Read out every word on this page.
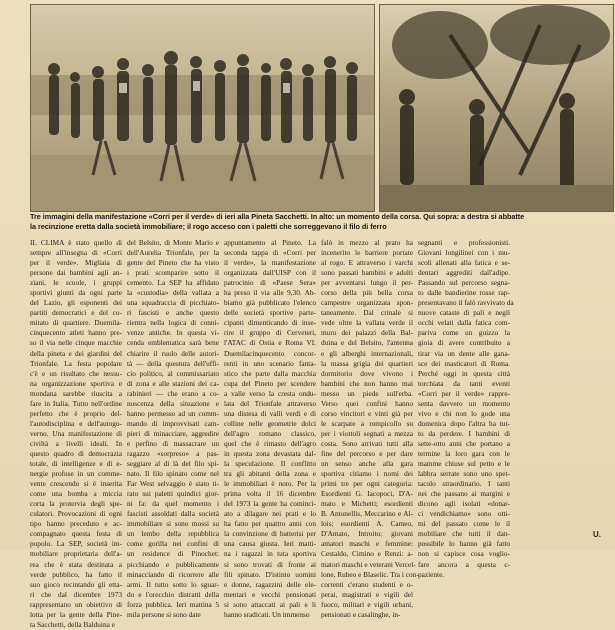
Tre immagini della manifestazione «Corri per il verde» di ieri alla Pineta Sacchetti. In alto: un momento della corsa. Qui sopra: a destra si abbatte
la recinzione eretta dalla società immobiliare; il rogo acceso con i paletti che sorreggevano il filo di ferro
IL CLIMA è stato quello di
sempre all'insegna di «Corri
per il verde». Migliaia di
persone dai bambini agli an-
ziani, le scuole, i gruppi
sportivi giunti da ogni parte
del Lazio, gli esponenti dei
partiti democratici e del co-
mitato di quartiere. Duemila-
cinquecento atleti hanno pre-
so il via nelle cinque macchie
della pineta e dei giardini del
Trionfale. La festa popolare
c'è e un risultato che nessu-
na organizzazione sportiva e
mondana sarebbe riuscita a
fare in Italia. Tutto nell'ordine
perfetto che è proprio del-
l'autodisciplina e dell'autogo-
verno. Una manifestazione di
civiltà a livelli ideali. In
questo quadro di democrazia
totale, di intelligenze e di e-
nergie profuse in un comme-
vente crescendo si è inserita
come una bomba a miccia
corta la protervia degli spe-
culatori. Provocazioni di ogni
tipo hanno preceduto e ac-
compagnato questa festa di
popolo. La SEP, società im-
mobiliare proprietaria dell'a-
rea che è stata destinata a
verde pubblico, ha fatto il
suo gioco recintando gli etta-
ri che dal dicembre 1973
rappresentano un obiettivo di
lotta per la gente della Pine-
ta Sacchetti, della Balduina e
del Belsito, di Monte Mario e
dell'Aurelia Trionfale, per la
gente del Pineto che ha visto
i prati scomparire sotto il
cemento. La SEP ha affidato
la «custodia» della vallata a
una squadraccia di picchiato-
ri fascisti e anche questo
rientra nella logica di conni-
venze antiche. In questa vi-
cenda emblematica sarà bene
chiarire il ruolo delle autori-
tà — della questura dell'uffi-
cio politico, al commissariato
di zona e alle stazioni dei ca-
rabinieri — che erano a co-
noscenza della situazione e
hanno permesso ad un comm-
mando di improvvisati cam-
pieri di minacciare, aggredire
e perfino di massacrare un
ragazzo «sorpreso» a pas-
seggiare al di là del filo spi-
nato. Il filo spinato come nel
Far West selvaggio è stato ti-
rato sui paletti quindici gior-
ni fa: da quel momento i
fascisti assoldati dalla società
immobiliare si sono mossi su
un lembo della repubblica
come gorilla nei confini di
un residence di Pinochet:
picchiando e pubblicamente
minacciando di ricorrere alle
armi. Il tutto sotto lo sguar-
do e l'orecchio distratti della
forza pubblica. Ieri mattina 5
mila persone si sono date
appuntamento al Pineto. La
seconda tappa di «Corri per
il verde», la manifestazione
organizzata dall'UISP con il
patrocinio di «Paese Sera»
ha preso il via alle 9,30. Ab-
biamo già pubblicato l'elenco
delle società sportive parte-
cipanti dimenticando di inse-
rire il gruppo di Cerveteri,
l'ATAC di Ostia e Roma VI.
Duemilacinquecento concor-
renti in uno scenario fanta-
stico che parte dalla macchia
cupa del Pineto per scendere
a valle verso la cresta ondu-
lata del Trionfale attraverso
una distesa di valli verdi e di
colline nelle geometrie dolci
dell'agro romano classico,
quel che è rimasto dell'agro
in questa zona devastata dal-
la speculazione. Il conflitto
tra gli abitanti della zona e
le immobiliari è noto. Per la
prima volta il 16 dicembre
del 1973 la gente ha cominci-
ato a dilagare nei prati e lo
ha fatto per quattro anni con
la convinzione di batterisi per
una causa giusta. Ieri matti-
na i ragazzi in tuta sportiva
si sono trovati di fronte ai
fili spinato. D'istinto uomini
e donne, ragazzini delle ele-
mentari e vecchi pensionati
si sono attaccati ai pali e li
hanno sradicati. Un immenso
falò in mezzo al prato ha
incenerito le barriere portate
al rogo. E attraverso i varchi
sono passati bambini e adulti
per avventarsi lungo il per-
corso della più bella corsa
campestre organizzata spon-
taneamente. Dal crinale si
vede oltre la vallata verde il
muro dei palazzi della Bal-
duina e del Belsito, l'antenna
e gli alberghi internazionali,
la massa grigia dei quartieri
dormitorio dove vivono i
bambini che non hanno mai
messo un piede sull'erba.
Verso quei confini hanno
corso vincitori e vinti già per
le scarpate a rompicollo su
per i viottoli segnati a mezza
costa. Sono arrivati tutti alla
fine del percorso e per dare
un senso anche alla gara
sportiva citiamo i nomi dei
primi tre per ogni categoria:
Esordienti G. Iacopoci, D'A-
mato e Michetti; esordienti
B. Antonellis, Meccarino e Al-
lois; esordienti A. Cameo,
D'Amato, Introito; giovani
amatori maschi e femmine:
Cestaldo, Cimino e Renzi: a-
matori maschi e veterani Vercel-
lone, Rubeo e Blaselic. Tra i con-
correnti c'erano studenti e o-
perai, magistrati e vigili del
fuoco, militari e vigili urbani,
pensionati e casalinghe, in-
segnanti e professionisti.
Giovani longilinei con i mu-
scoli allenati alla fatica e se-
dentari aggrediti dall'adipe.
Passando sul percorso segna-
to dalle bandierine rosse rap-
presentavano il falò ravvivato da
nuove cataste di pali e negli
occhi velati dalla fatica com-
pariva come un guizzo la
gioia di avere contribuito a
tirar via un dente alle gana-
sce dei masticatori di Roma.
Perché oggi in questa città
torchiata da tanti eventi
«Corri per il verde» rappre-
senta davvero un momento
vivo e chi non lo gode una
domenica dopo l'altra ha tut-
to da perdere. I bambini di
sette-otto anni che portano a
termine la loro gara con le
mamme chiuse sul petto e le
labbra serrate sono uno spet-
tacolo straordinario. I tanti
nei che passano ai margini e
dicono agli isolati «donar-
ci vendichiamo» sono otti-
mi del passato come le il
mobiliare che tutti il dan-
possibile lo hanno già fatto
non si capisce cosa voglio-
fare ancora a questa c-
paziente.
U.
